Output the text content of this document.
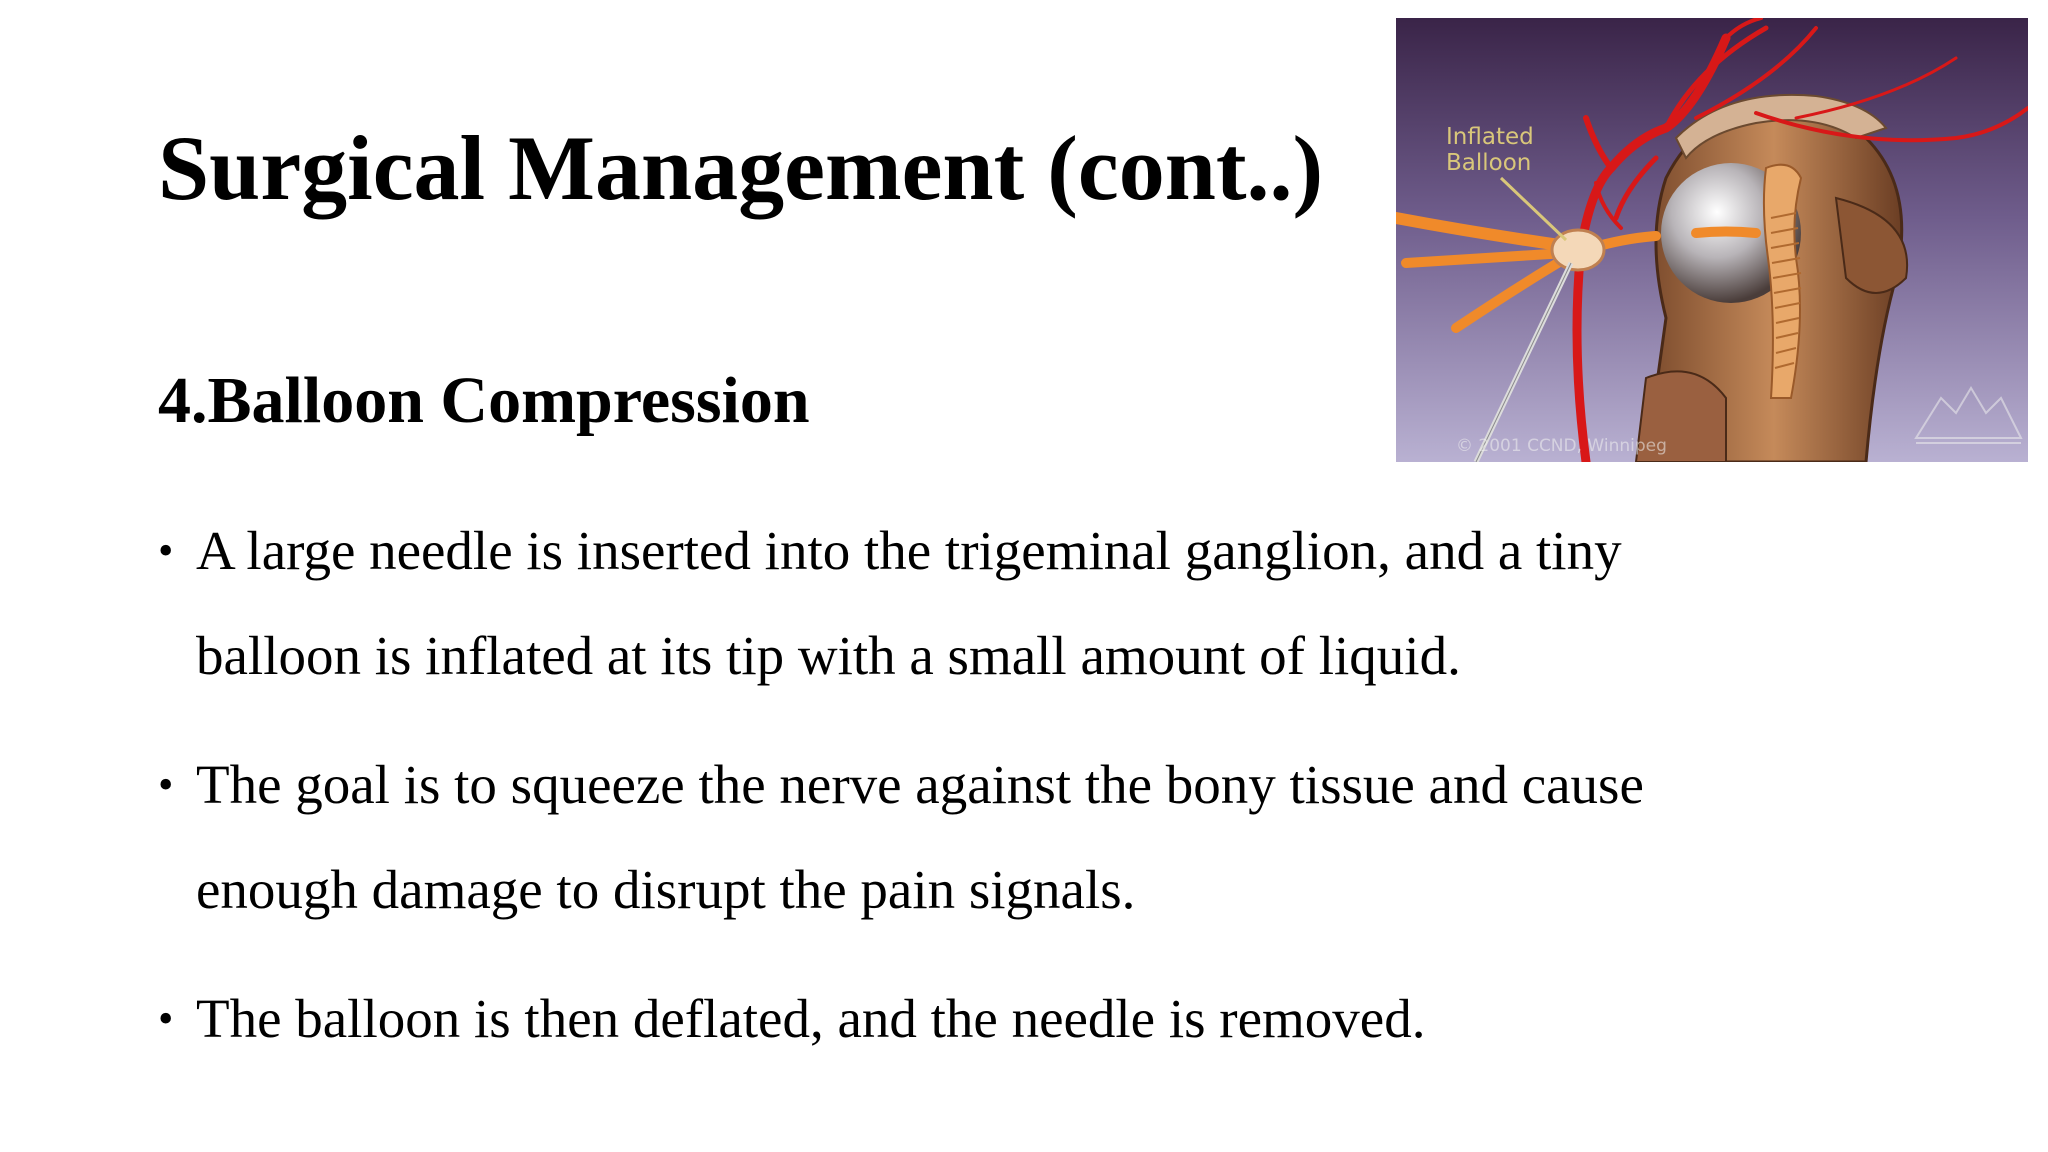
Surgical Management (cont..)
4.Balloon Compression
• A large needle is inserted into the trigeminal ganglion, and a tiny
balloon is inflated at its tip with a small amount of liquid.
• The goal is to squeeze the nerve against the bony tissue and cause
enough damage to disrupt the pain signals.
• The balloon is then deflated, and the needle is removed.
Inflated
Balloon
© 2001 CCND, Winnipeg
